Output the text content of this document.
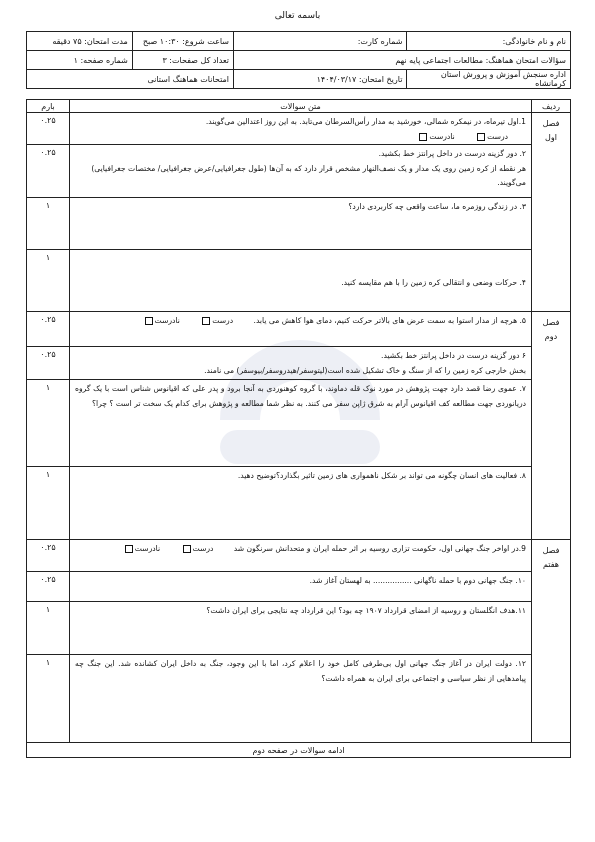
باسمه تعالی
نام و نام خانوادگی:	شماره کارت:	ساعت شروع: ۱۰:۳۰ صبح	مدت امتحان: ۷۵ دقیقه
سؤالات امتحان هماهنگ: مطالعات اجتماعی پایه نهم		تعداد کل صفحات: ۳	شماره صفحه: ۱
اداره سنجش آموزش و پرورش استان کرمانشاه	تاریخ امتحان: ۱۴۰۴/۰۳/۱۷	امتحانات هماهنگ استانی	
ردیف	متن سوالات	بارم
فصل اول	1.اول تیرماه، در نیمکره شمالی، خورشید به مدار رأس‌السرطان می‌تابد. به این روز اعتدالین می‌گویند.
درست نادرست	۰.۲۵

	۲. دور گزینه درست در داخل پرانتز خط بکشید.
هر نقطه از کره زمین روی یک مدار و یک نصف‌النهار مشخص قرار دارد که به آن‌ها (طول جغرافیایی/عرض جغرافیایی/ مختصات جغرافیایی) می‌گویند.	۰.۲۵
	۳. در زندگی روزمره ما، ساعت واقعی چه کاربردی دارد؟	۱
	۴. حرکات وضعی و انتقالی کره زمین را با هم مقایسه کنید.	۱
فصل دوم	۵. هرچه از مدار استوا به سمت عرض های بالاتر حرکت کنیم، دمای هوا کاهش می یابد. درست نادرست	۰.۲۵

	۶ دور گزینه درست در داخل پرانتز خط بکشید.
بخش خارجی کره زمین را که از سنگ و خاک تشکیل شده است(لیتوسفر/هیدروسفر/بیوسفر) می نامند.	۰.۲۵
	۷. عموی رضا قصد دارد جهت پژوهش در مورد نوک قله دماوند، با گروه کوهنوردی به آنجا برود و پدر علی که اقیانوس شناس است با یک گروه دریانوردی جهت مطالعه کف اقیانوس آرام به شرق ژاپن سفر می کنند. به نظر شما مطالعه و پژوهش برای کدام یک سخت تر است ؟ چرا؟	۱
	۸. فعالیت های انسان چگونه می تواند بر شکل ناهمواری های زمین تاثیر بگذارد؟توضیح دهید.	۱
فصل هفتم	9.در اواخر جنگ جهانی اول، حکومت تزاری روسیه بر اثر حمله ایران و متحدانش سرنگون شد درست نادرست	۰.۲۵
	۱۰. جنگ جهانی دوم با حمله ناگهانی ................ به لهستان آغاز شد.	۰.۲۵
	۱۱.هدف انگلستان و روسیه از امضای قرارداد ۱۹۰۷ چه بود؟ این قرارداد چه نتایجی برای ایران داشت؟	۱
	۱۲. دولت ایران در آغاز جنگ جهانی اول بی‌طرفی کامل خود را اعلام کرد، اما با این وجود، جنگ به داخل ایران کشانده شد. این جنگ چه پیامدهایی از نظر سیاسی و اجتماعی برای ایران به همراه داشت؟	۱
ادامه سوالات در صفحه دوم		
